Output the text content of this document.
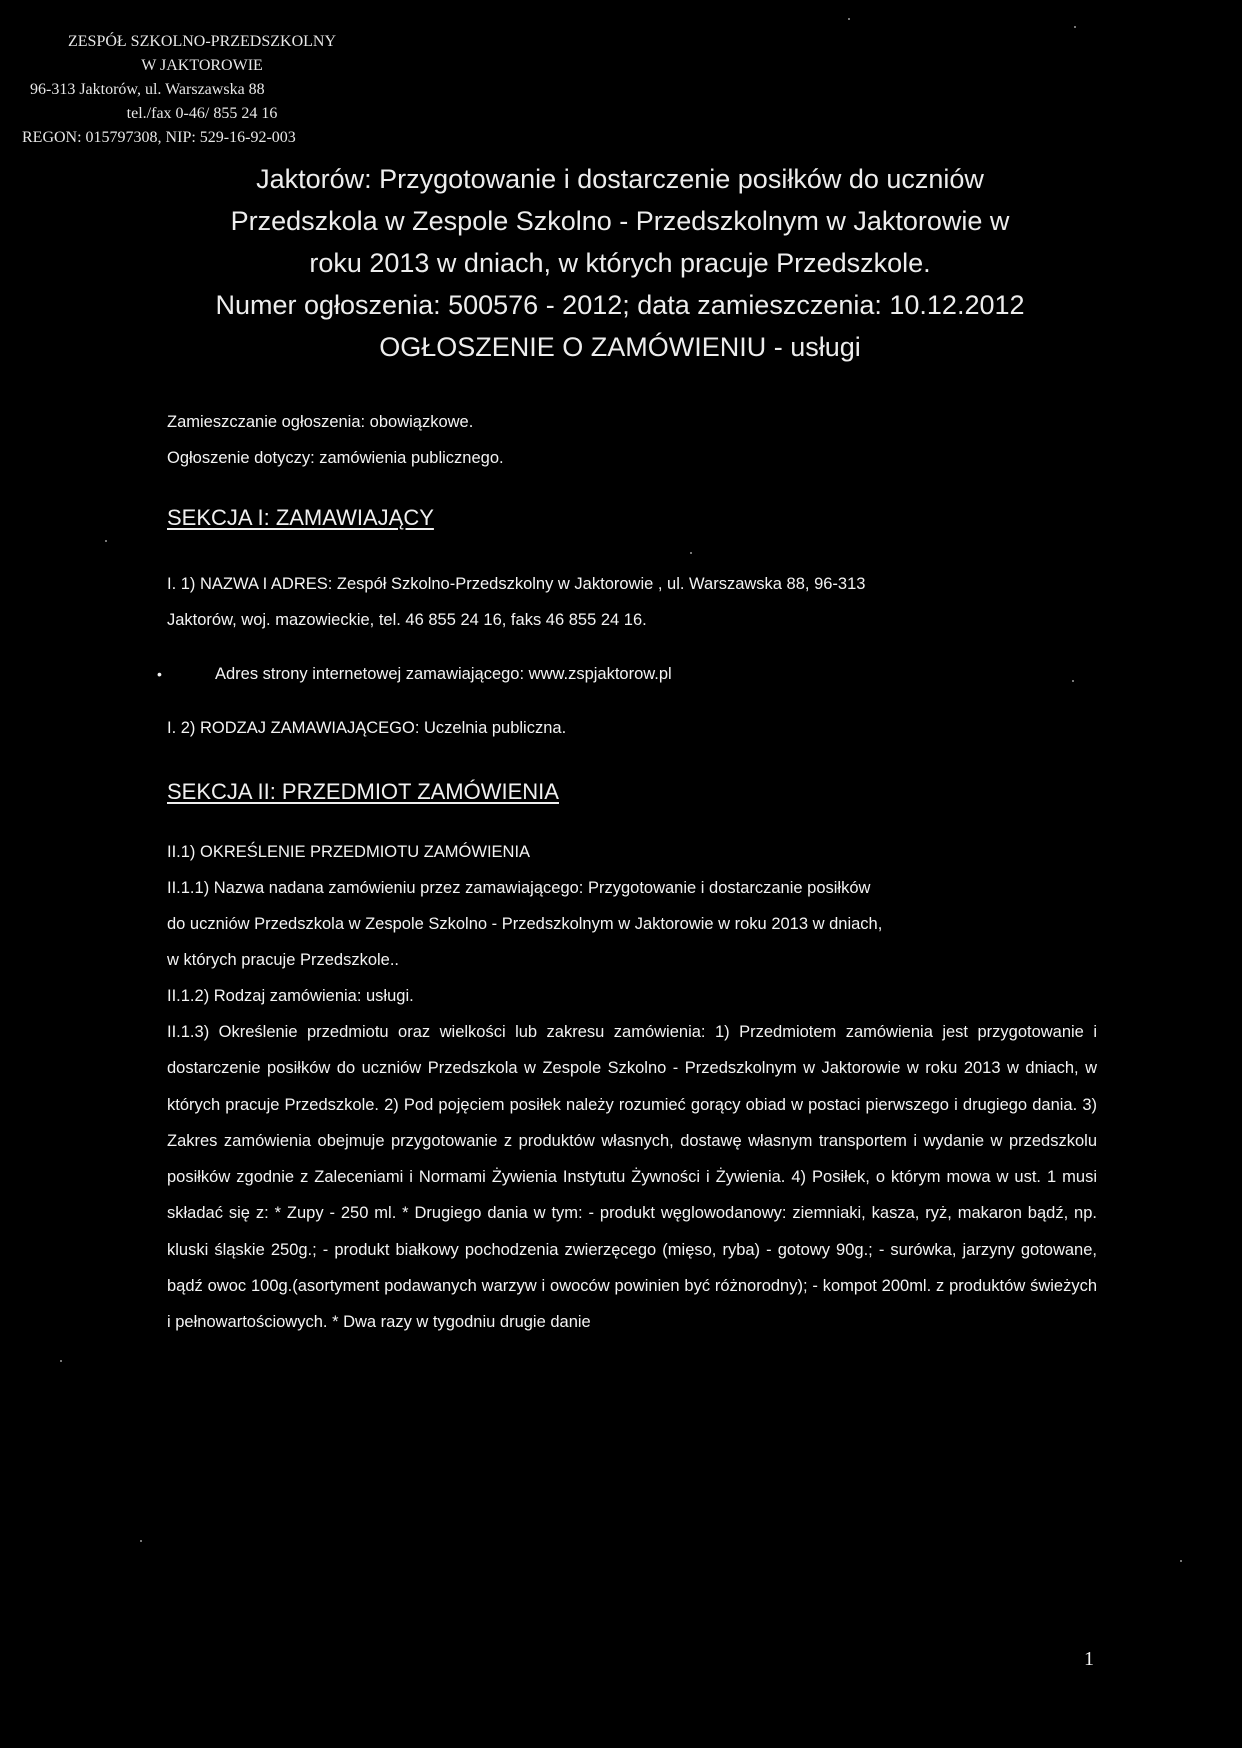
ZESPÓŁ SZKOLNO-PRZEDSZKOLNY
W JAKTOROWIE
96-313 Jaktorów, ul. Warszawska 88
tel./fax 0-46/ 855 24 16
REGON: 015797308, NIP: 529-16-92-003
Jaktorów: Przygotowanie i dostarczenie posiłków do uczniów
Przedszkola w Zespole Szkolno - Przedszkolnym w Jaktorowie w
roku 2013 w dniach, w których pracuje Przedszkole.
Numer ogłoszenia: 500576 - 2012; data zamieszczenia: 10.12.2012
OGŁOSZENIE O ZAMÓWIENIU - usługi

Zamieszczanie ogłoszenia: obowiązkowe.

Ogłoszenie dotyczy: zamówienia publicznego.

SEKCJA I: ZAMAWIAJĄCY

I. 1) NAZWA I ADRES: Zespół Szkolno-Przedszkolny w Jaktorowie , ul. Warszawska 88, 96-313

Jaktorów, woj. mazowieckie, tel. 46 855 24 16, faks 46 855 24 16.

•	Adres strony internetowej zamawiającego: www.zspjaktorow.pl

I. 2) RODZAJ ZAMAWIAJĄCEGO: Uczelnia publiczna.

SEKCJA II: PRZEDMIOT ZAMÓWIENIA

II.1) OKREŚLENIE PRZEDMIOTU ZAMÓWIENIA

II.1.1) Nazwa nadana zamówieniu przez zamawiającego: Przygotowanie i dostarczanie posiłków

do uczniów Przedszkola w Zespole Szkolno - Przedszkolnym w Jaktorowie w roku 2013 w dniach,

w których pracuje Przedszkole..

II.1.2) Rodzaj zamówienia: usługi.

II.1.3) Określenie przedmiotu oraz wielkości lub zakresu zamówienia: 1) Przedmiotem zamówienia jest przygotowanie i dostarczenie posiłków do uczniów Przedszkola w Zespole Szkolno - Przedszkolnym w Jaktorowie w roku 2013 w dniach, w których pracuje Przedszkole. 2) Pod pojęciem posiłek należy rozumieć gorący obiad w postaci pierwszego i drugiego dania. 3) Zakres zamówienia obejmuje przygotowanie z produktów własnych, dostawę własnym transportem i wydanie w przedszkolu posiłków zgodnie z Zaleceniami i Normami Żywienia Instytutu Żywności i Żywienia. 4) Posiłek, o którym mowa w ust. 1 musi składać się z: * Zupy - 250 ml. * Drugiego dania w tym: - produkt węglowodanowy: ziemniaki, kasza, ryż, makaron bądź, np. kluski śląskie 250g.; - produkt białkowy pochodzenia zwierzęcego (mięso, ryba) - gotowy 90g.; - surówka, jarzyny gotowane, bądź owoc 100g.(asortyment podawanych warzyw i owoców powinien być różnorodny); - kompot 200ml. z produktów świeżych i pełnowartościowych. * Dwa razy w tygodniu drugie danie

1
